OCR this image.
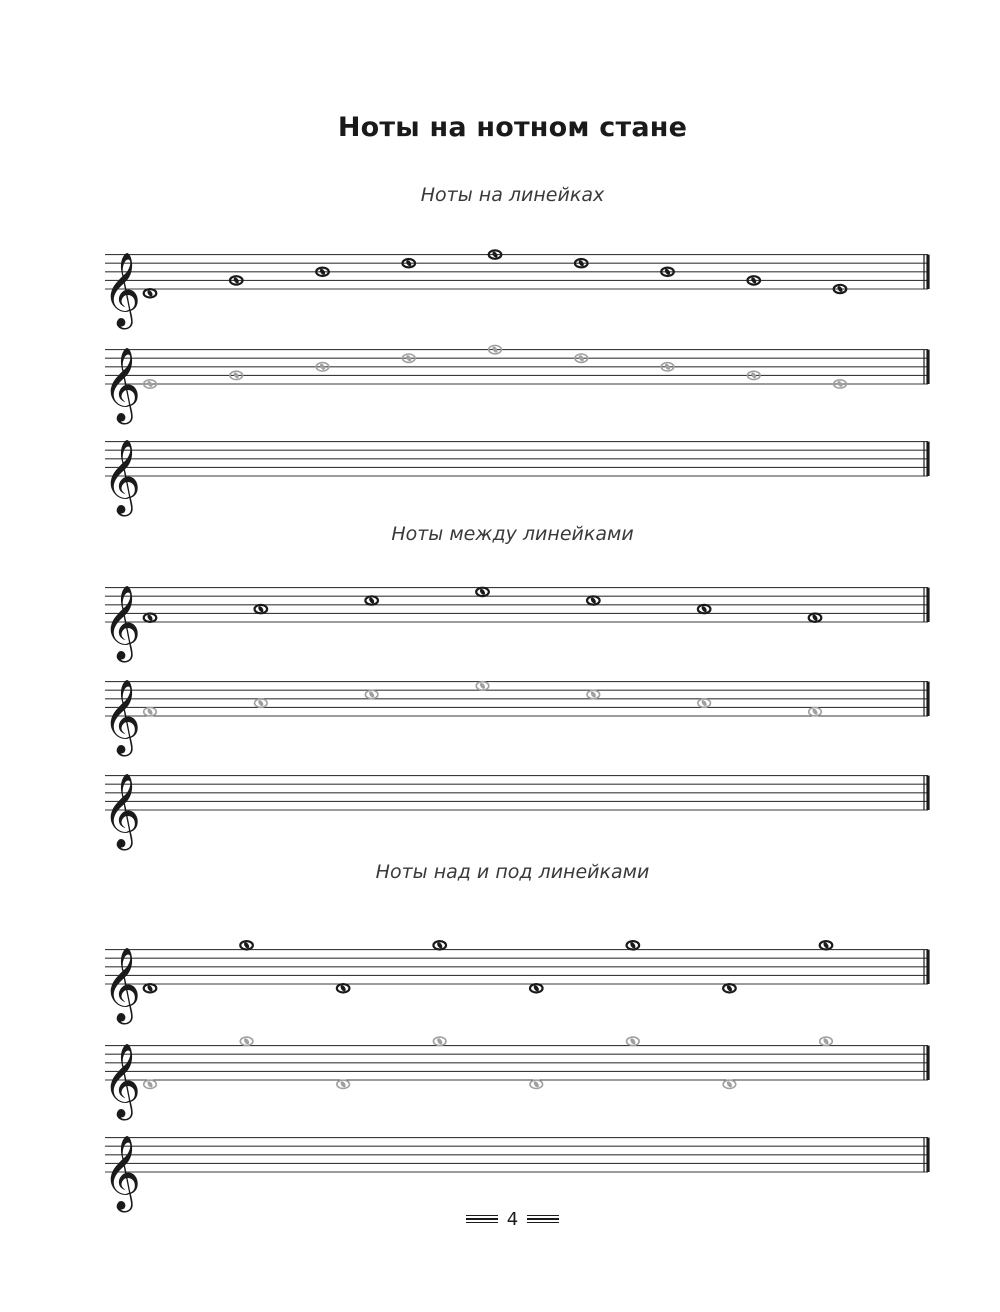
Ноты на нотном стане

Ноты на линейках

Ноты между линейками

Ноты над и под линейками

𝄞
𝄞
𝄞
𝄞
𝄞
𝄞
𝄞
𝄞
𝄞
4
